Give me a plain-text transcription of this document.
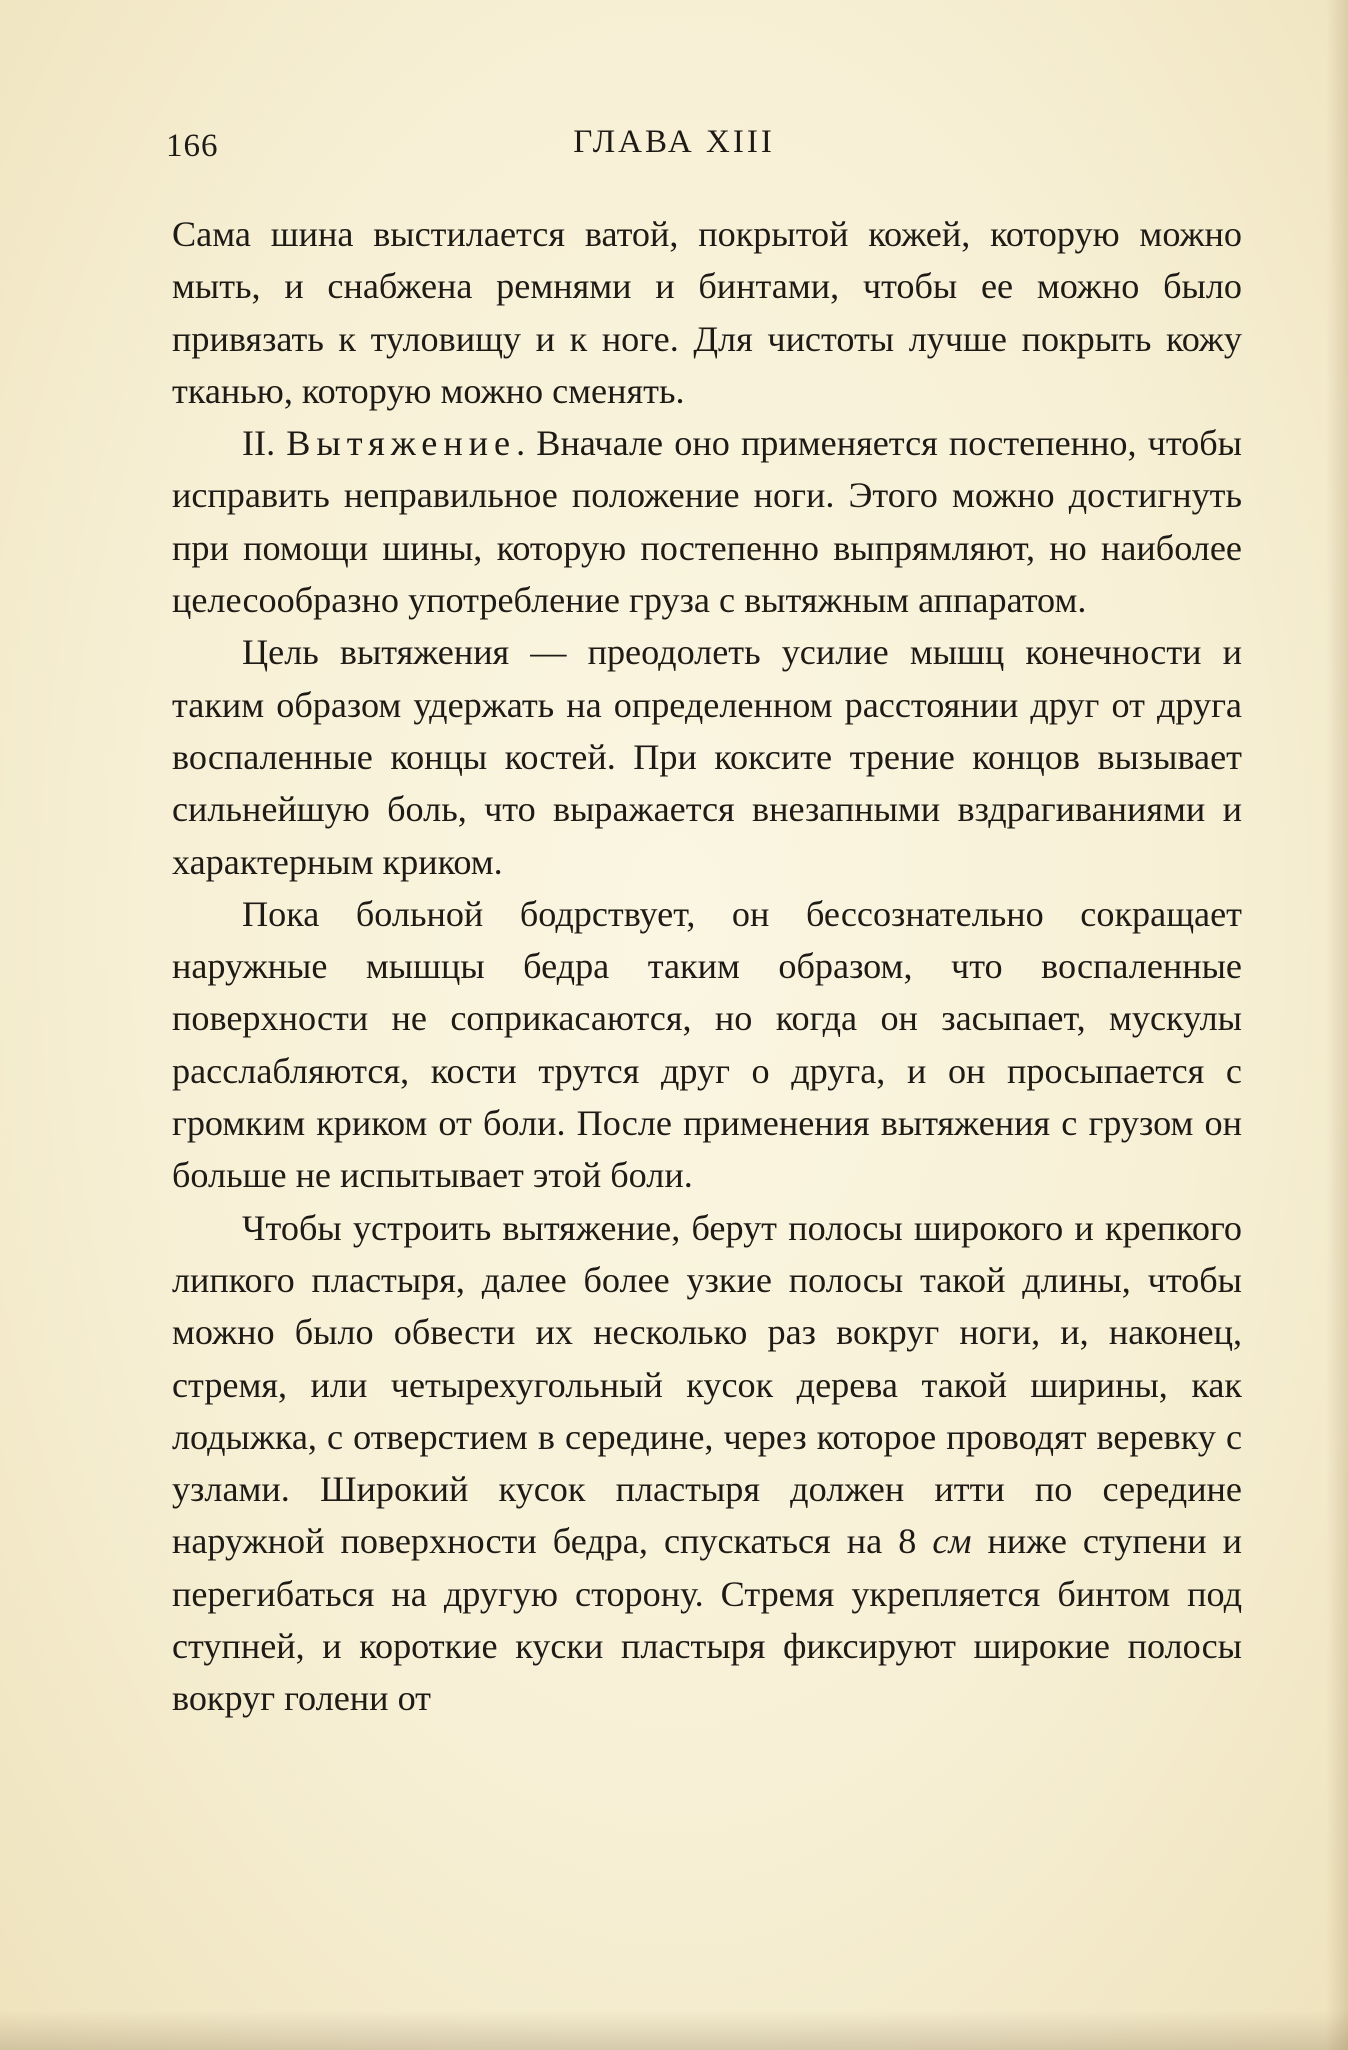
166	ГЛАВА XIII

Сама шина выстилается ватой, покрытой кожей, которую можно мыть, и снабжена ремнями и бинтами, чтобы ее можно было привязать к туловищу и к ноге. Для чистоты лучше покрыть кожу тканью, которую можно сменять.

II. Вытяжение. Вначале оно применяется постепенно, чтобы исправить неправильное положение ноги. Этого можно достигнуть при помощи шины, которую постепенно выпрямляют, но наиболее целесообразно употребление груза с вытяжным аппаратом.

Цель вытяжения — преодолеть усилие мышц конечности и таким образом удержать на определенном расстоянии друг от друга воспаленные концы костей. При кокситe трение концов вызывает сильнейшую боль, что выражается внезапными вздрагиваниями и характерным криком.

Пока больной бодрствует, он бессознательно сокращает наружные мышцы бедра таким образом, что воспаленные поверхности не соприкасаются, но когда он засыпает, мускулы расслабляются, кости трутся друг о друга, и он просыпается с громким криком от боли. После применения вытяжения с грузом он больше не испытывает этой боли.

Чтобы устроить вытяжение, берут полосы широкого и крепкого липкого пластыря, далее более узкие полосы такой длины, чтобы можно было обвести их несколько раз вокруг ноги, и, наконец, стремя, или четырехугольный кусок дерева такой ширины, как лодыжка, с отверстием в середине, через которое проводят веревку с узлами. Широкий кусок пластыря должен итти по середине наружной поверхности бедра, спускаться на 8 см ниже ступени и перегибаться на другую сторону. Стремя укрепляется бинтом под ступней, и короткие куски пластыря фиксируют широкие полосы вокруг голени от
